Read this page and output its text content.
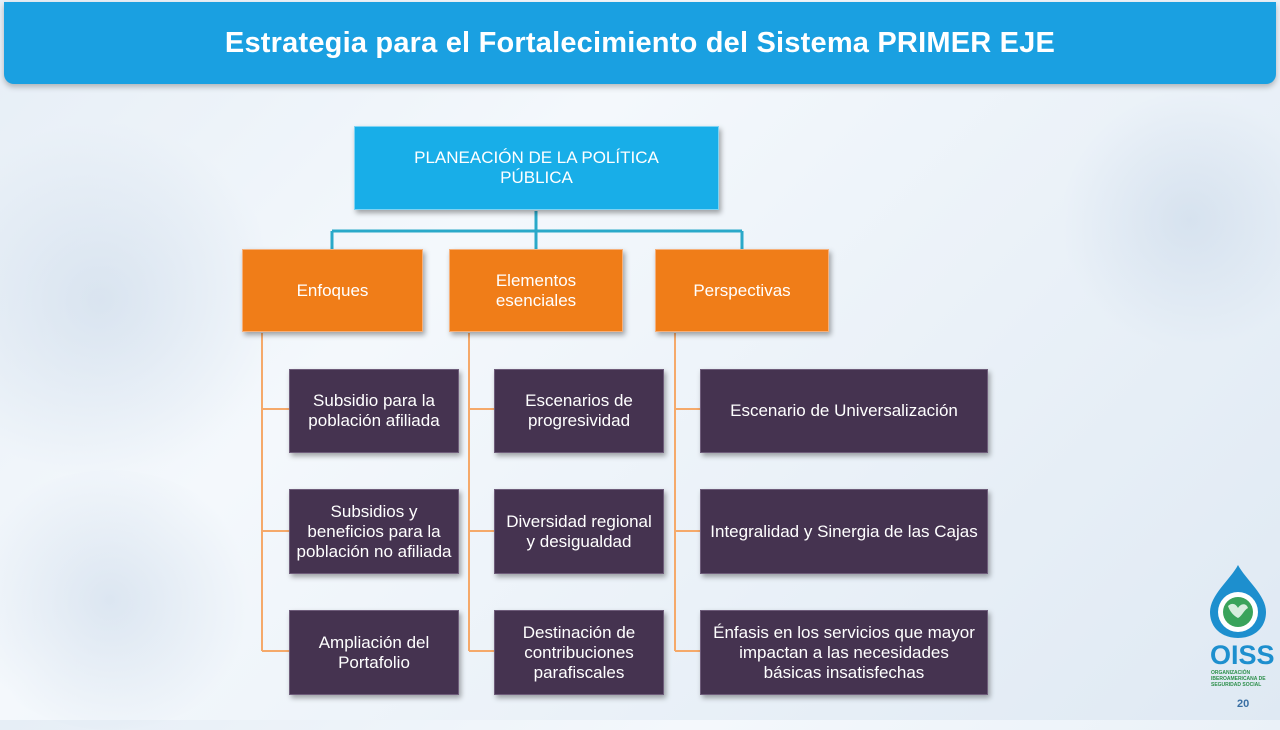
Estrategia para el Fortalecimiento del Sistema PRIMER EJE
PLANEACIÓN DE LA POLÍTICA PÚBLICA
Enfoques
Elementos esenciales
Perspectivas
Subsidio para la población afiliada
Subsidios y beneficios para la población no afiliada
Ampliación del Portafolio
Escenarios de progresividad
Diversidad regional y desigualdad
Destinación de contribuciones parafiscales
Escenario de Universalización
Integralidad y Sinergia de las Cajas
Énfasis en los servicios que mayor impactan a las necesidades básicas insatisfechas
OISS
ORGANIZACIÓN IBEROAMERICANA DE SEGURIDAD SOCIAL
20
